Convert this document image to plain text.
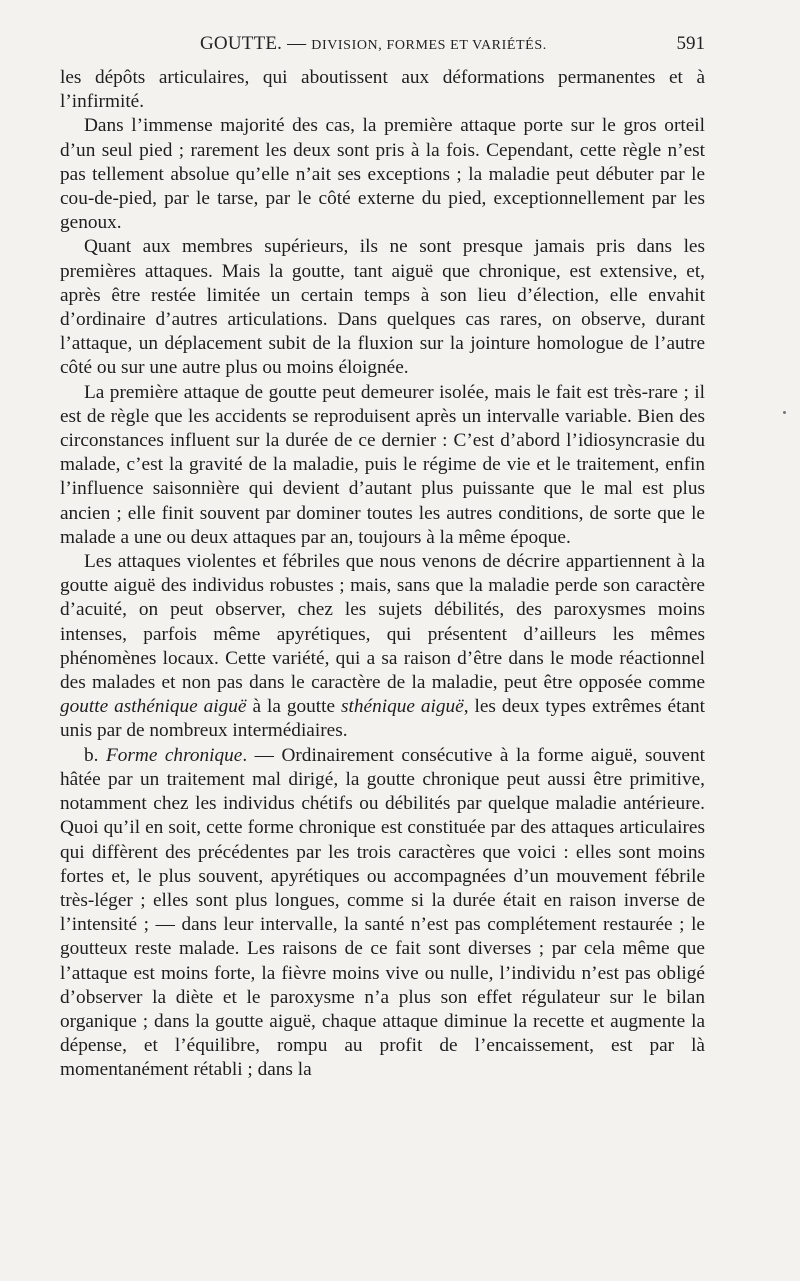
GOUTTE. — DIVISION, FORMES ET VARIÉTÉS.	591

les dépôts articulaires, qui aboutissent aux déformations permanentes et à l’infirmité.

Dans l’immense majorité des cas, la première attaque porte sur le gros orteil d’un seul pied ; rarement les deux sont pris à la fois. Cependant, cette règle n’est pas tellement absolue qu’elle n’ait ses exceptions ; la maladie peut débuter par le cou-de-pied, par le tarse, par le côté externe du pied, exceptionnellement par les genoux.

Quant aux membres supérieurs, ils ne sont presque jamais pris dans les premières attaques. Mais la goutte, tant aiguë que chronique, est extensive, et, après être restée limitée un certain temps à son lieu d’élection, elle envahit d’ordinaire d’autres articulations. Dans quelques cas rares, on observe, durant l’attaque, un déplacement subit de la fluxion sur la jointure homologue de l’autre côté ou sur une autre plus ou moins éloignée.

La première attaque de goutte peut demeurer isolée, mais le fait est très-rare ; il est de règle que les accidents se reproduisent après un intervalle variable. Bien des circonstances influent sur la durée de ce dernier : C’est d’abord l’idiosyncrasie du malade, c’est la gravité de la maladie, puis le régime de vie et le traitement, enfin l’influence saisonnière qui devient d’autant plus puissante que le mal est plus ancien ; elle finit souvent par dominer toutes les autres conditions, de sorte que le malade a une ou deux attaques par an, toujours à la même époque.

Les attaques violentes et fébriles que nous venons de décrire appartiennent à la goutte aiguë des individus robustes ; mais, sans que la maladie perde son caractère d’acuité, on peut observer, chez les sujets débilités, des paroxysmes moins intenses, parfois même apyrétiques, qui présentent d’ailleurs les mêmes phénomènes locaux. Cette variété, qui a sa raison d’être dans le mode réactionnel des malades et non pas dans le caractère de la maladie, peut être opposée comme goutte asthénique aiguë à la goutte sthénique aiguë, les deux types extrêmes étant unis par de nombreux intermédiaires.

b. Forme chronique. — Ordinairement consécutive à la forme aiguë, souvent hâtée par un traitement mal dirigé, la goutte chronique peut aussi être primitive, notamment chez les individus chétifs ou débilités par quelque maladie antérieure. Quoi qu’il en soit, cette forme chronique est constituée par des attaques articulaires qui diffèrent des précédentes par les trois caractères que voici : elles sont moins fortes et, le plus souvent, apyrétiques ou accompagnées d’un mouvement fébrile très-léger ; elles sont plus longues, comme si la durée était en raison inverse de l’intensité ; — dans leur intervalle, la santé n’est pas complétement restaurée ; le goutteux reste malade. Les raisons de ce fait sont diverses ; par cela même que l’attaque est moins forte, la fièvre moins vive ou nulle, l’individu n’est pas obligé d’observer la diète et le paroxysme n’a plus son effet régulateur sur le bilan organique ; dans la goutte aiguë, chaque attaque diminue la recette et augmente la dépense, et l’équilibre, rompu au profit de l’encaissement, est par là momentanément rétabli ; dans la
